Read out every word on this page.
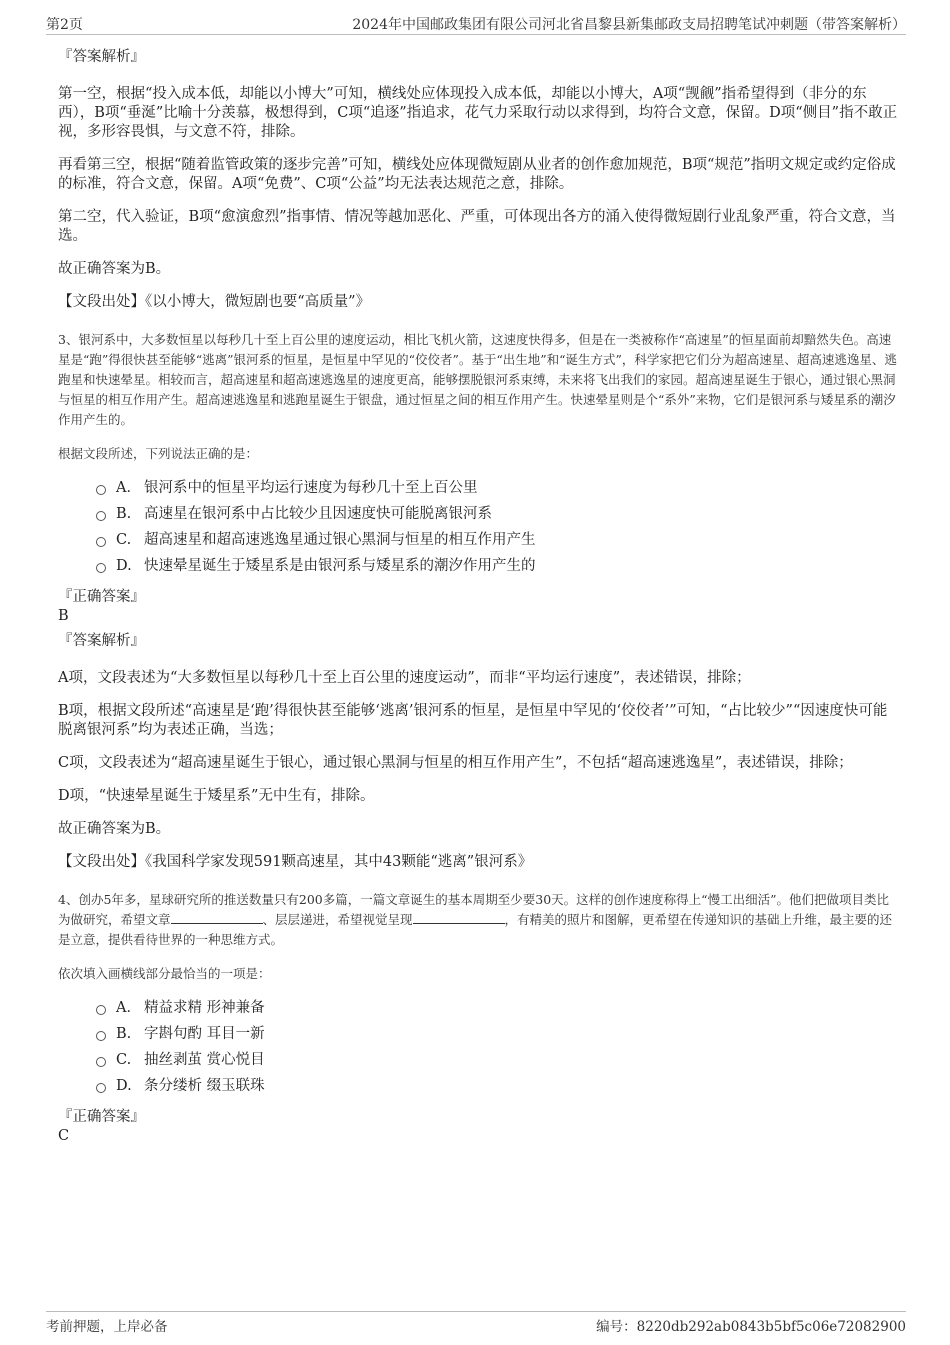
第2页	2024年中国邮政集团有限公司河北省昌黎县新集邮政支局招聘笔试冲刺题（带答案解析）

『答案解析』

第一空，根据“投入成本低，却能以小博大”可知，横线处应体现投入成本低，却能以小博大，A项“觊觎”指希望得到（非分的东西），B项“垂涎”比喻十分羡慕，极想得到，C项“追逐”指追求，花气力采取行动以求得到，均符合文意，保留。D项“侧目”指不敢正视，多形容畏惧，与文意不符，排除。

再看第三空，根据“随着监管政策的逐步完善”可知，横线处应体现微短剧从业者的创作愈加规范，B项“规范”指明文规定或约定俗成的标准，符合文意，保留。A项“免费”、C项“公益”均无法表达规范之意，排除。

第二空，代入验证，B项“愈演愈烈”指事情、情况等越加恶化、严重，可体现出各方的涌入使得微短剧行业乱象严重，符合文意，当选。

故正确答案为B。

【文段出处】《以小博大，微短剧也要“高质量”》

3、银河系中，大多数恒星以每秒几十至上百公里的速度运动，相比飞机火箭，这速度快得多，但是在一类被称作“高速星”的恒星面前却黯然失色。高速星是“跑”得很快甚至能够“逃离”银河系的恒星，是恒星中罕见的“佼佼者”。基于“出生地”和“诞生方式”，科学家把它们分为超高速星、超高速逃逸星、逃跑星和快速晕星。相较而言，超高速星和超高速逃逸星的速度更高，能够摆脱银河系束缚，未来将飞出我们的家园。超高速星诞生于银心，通过银心黑洞与恒星的相互作用产生。超高速逃逸星和逃跑星诞生于银盘，通过恒星之间的相互作用产生。快速晕星则是个“系外”来物，它们是银河系与矮星系的潮汐作用产生的。

根据文段所述，下列说法正确的是：

A． 银河系中的恒星平均运行速度为每秒几十至上百公里
B. 高速星在银河系中占比较少且因速度快可能脱离银河系
C. 超高速星和超高速逃逸星通过银心黑洞与恒星的相互作用产生
D. 快速晕星诞生于矮星系是由银河系与矮星系的潮汐作用产生的

『正确答案』

B

『答案解析』

A项，文段表述为“大多数恒星以每秒几十至上百公里的速度运动”，而非“平均运行速度”，表述错误，排除；

B项，根据文段所述“高速星是‘跑’得很快甚至能够‘逃离’银河系的恒星，是恒星中罕见的‘佼佼者’”可知，“占比较少”“因速度快可能脱离银河系”均为表述正确，当选；

C项，文段表述为“超高速星诞生于银心，通过银心黑洞与恒星的相互作用产生”，不包括“超高速逃逸星”，表述错误，排除；

D项，“快速晕星诞生于矮星系”无中生有，排除。

故正确答案为B。

【文段出处】《我国科学家发现591颗高速星，其中43颗能“逃离”银河系》

4、创办5年多，星球研究所的推送数量只有200多篇，一篇文章诞生的基本周期至少要30天。这样的创作速度称得上“慢工出细活”。他们把做项目类比为做研究，希望文章	、层层递进，希望视觉呈现	，有精美的照片和图解，更希望在传递知识的基础上升维，最主要的还是立意，提供看待世界的一种思维方式。

依次填入画横线部分最恰当的一项是：

A． 精益求精 形神兼备
B. 字斟句酌 耳目一新
C. 抽丝剥茧 赏心悦目
D. 条分缕析 缀玉联珠

『正确答案』

C

考前押题，上岸必备	编号：8220db292ab0843b5bf5c06e72082900
